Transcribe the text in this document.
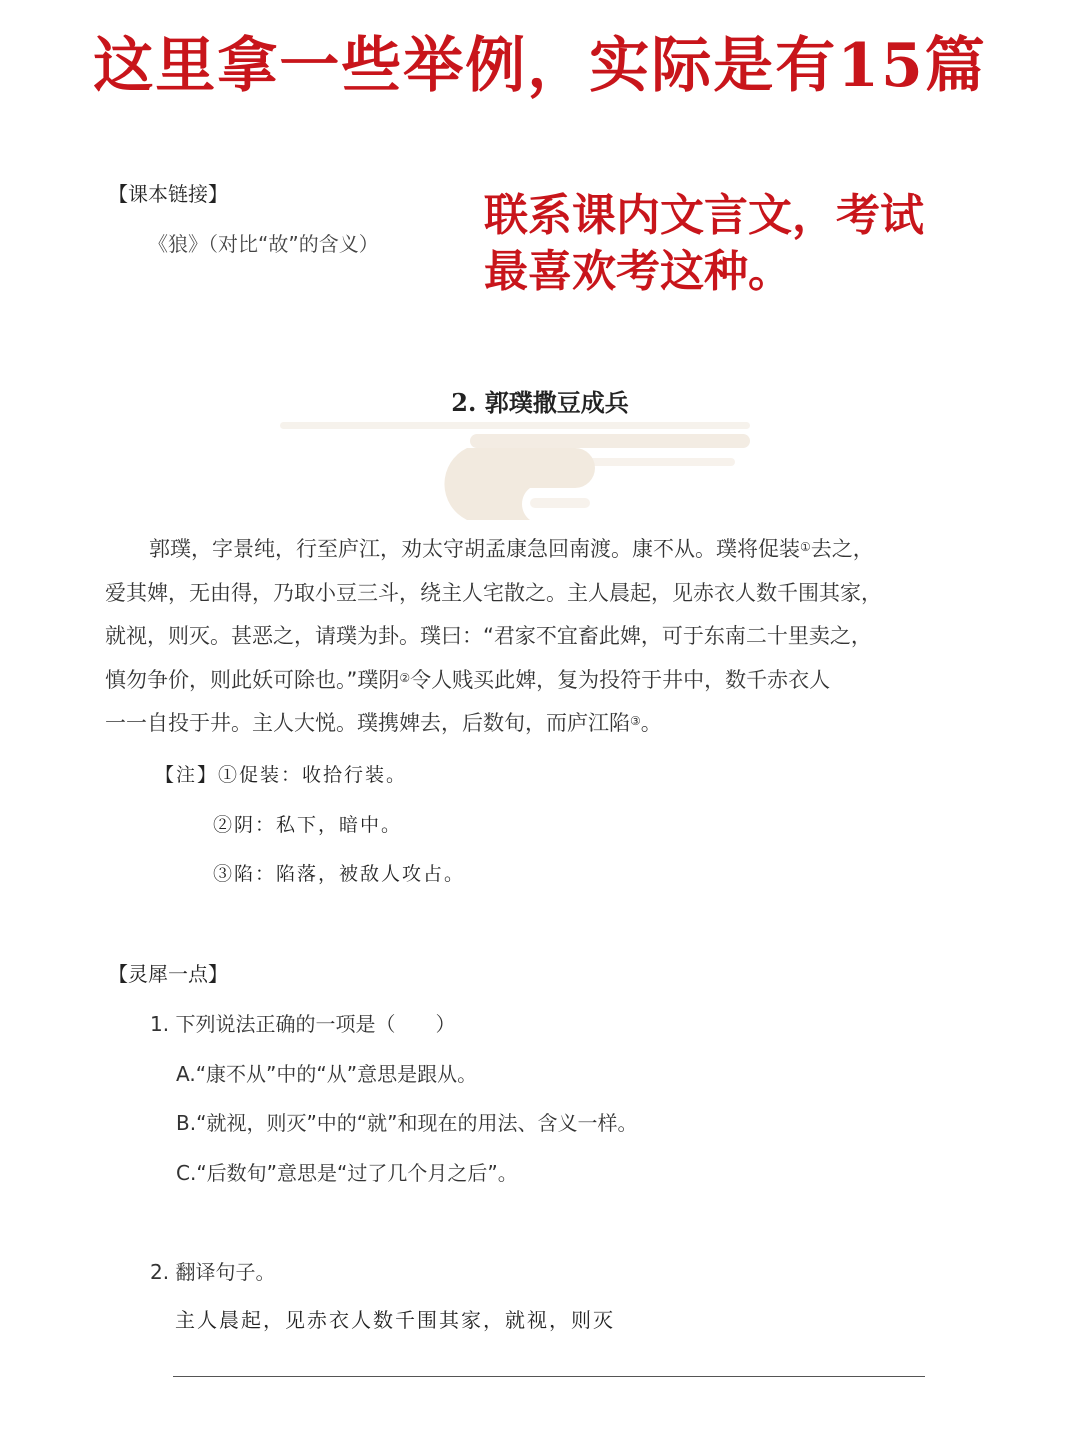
这里拿一些举例，实际是有15篇
【课本链接】
《狼》（对比“故”的含义）
联系课内文言文，考试
最喜欢考这种。
2. 郭璞撒豆成兵
郭璞，字景纯，行至庐江，劝太守胡孟康急回南渡。康不从。璞将促装①去之，
爱其婢，无由得，乃取小豆三斗，绕主人宅散之。主人晨起，见赤衣人数千围其家，
就视，则灭。甚恶之，请璞为卦。璞曰：“君家不宜畜此婢，可于东南二十里卖之，
慎勿争价，则此妖可除也。”璞阴②令人贱买此婢，复为投符于井中，数千赤衣人
一一自投于井。主人大悦。璞携婢去，后数旬，而庐江陷③。
【注】①促装：收拾行装。
②阴：私下，暗中。
③陷：陷落，被敌人攻占。
【灵犀一点】
1. 下列说法正确的一项是（　　）
A.“康不从”中的“从”意思是跟从。
B.“就视，则灭”中的“就”和现在的用法、含义一样。
C.“后数旬”意思是“过了几个月之后”。
2. 翻译句子。
主人晨起，见赤衣人数千围其家，就视，则灭
